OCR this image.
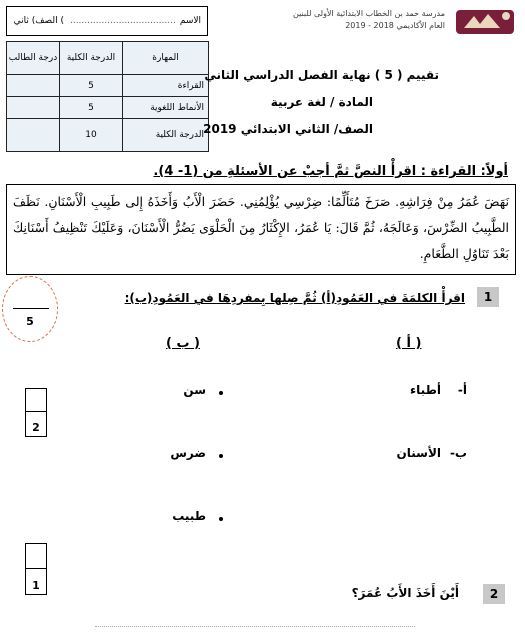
الصف) ثاني ( ..................................... الاسم
مدرسة حمد بن الخطاب الابتدائية الأولى للبنين
العام الأكاديمي 2018 - 2019
درجة الطالب	الدرجة الكلية	المهارة
	5	القراءة
	5	الأنماط اللغوية
	10	الدرجة الكلية
تقييم ( 5 ) نهاية الفصل الدراسي الثاني
المادة / لغة عربية
الصف/ الثاني الابتدائي 2019
أولاً: القراءة : اقرأْ النصَّ ثمَّ أجبْ عن الأسئلةِ من (1- 4).
نَهَضَ عُمَرُ مِنْ فِرَاشِهِ. صَرَخَ مُتَأَلِّمًا: ضِرْسِي يُؤْلِمُنِي. حَضَرَ الْأَبُ وَأَخَذَهُ إِلى طَبِيبِ الْأَسْنَانِ. نَظَفَ الطَّبِيبُ الضِّرْسَ، وَعَالَجَهُ، ثُمَّ قَالَ: يَا عُمَرُ، الإِكْثَارُ مِنَ الْحَلْوَى يَضُرُّ الْأَسْنَانَ، وَعَلَيْكَ تَنْظِيفُ أَسْنَانِكَ بَعْدَ تَنَاوُلِ الطَّعَامِ.
5
1
اقرأْ الكلمَةَ في العَمُودِ(أ) ثُمَّ صِلها بِمفردِهَا في العَمُودِ(ب):
( أ )
( ب )
أ-
أطباء
ب-
الأسنان
سن
ضرس
طبيب
2
1
2
أَيْنَ أَخَذَ الأَبُ عُمَرَ؟
